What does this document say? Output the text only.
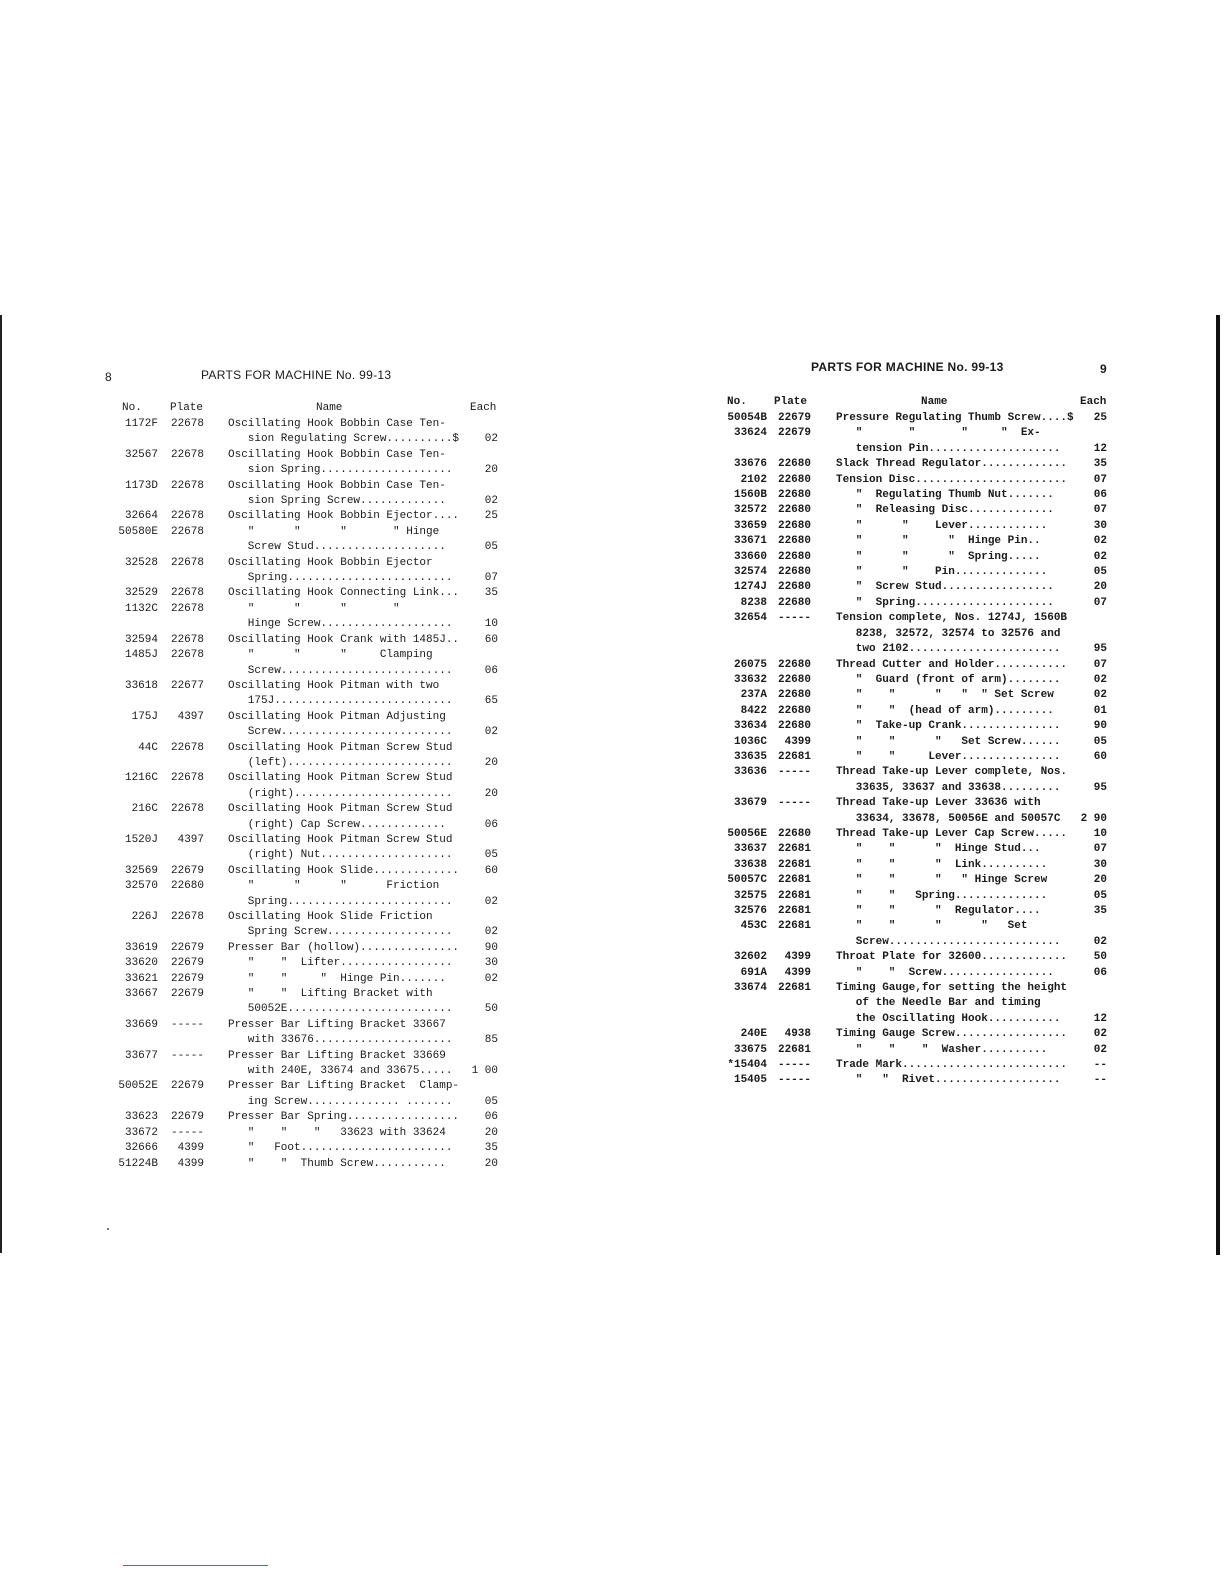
8	PARTS FOR MACHINE No. 99-13
No.	Plate	Name	Each
1172F	22678 Oscillating Hook Bobbin Case Ten-
sion Regulating Screw..........$	02
32567	22678 Oscillating Hook Bobbin Case Ten-
sion Spring....................	20
1173D	22678 Oscillating Hook Bobbin Case Ten-
sion Spring Screw.............	02
32664	22678 Oscillating Hook Bobbin Ejector....	25
50580E	22678	"      "      "       " Hinge
Screw Stud....................	05
32528	22678 Oscillating Hook Bobbin Ejector
Spring.........................	07
32529	22678 Oscillating Hook Connecting Link...	35
1132C	22678	"      "      "       "
Hinge Screw....................	10
32594	22678 Oscillating Hook Crank with 1485J..	60
1485J	22678	"      "      "     Clamping
Screw..........................	06
33618	22677 Oscillating Hook Pitman with two
175J...........................	65
175J	4397 Oscillating Hook Pitman Adjusting
Screw..........................	02
44C	22678 Oscillating Hook Pitman Screw Stud
(left).........................	20
1216C	22678 Oscillating Hook Pitman Screw Stud
(right)........................	20
216C	22678 Oscillating Hook Pitman Screw Stud
(right) Cap Screw.............	06
1520J	4397 Oscillating Hook Pitman Screw Stud
(right) Nut....................	05
32569	22679 Oscillating Hook Slide.............	60
32570	22680	"      "      "      Friction
Spring.........................	02
226J	22678 Oscillating Hook Slide Friction
Spring Screw...................	02
33619	22679 Presser Bar (hollow)...............	90
33620	22679 "    "  Lifter.................	30
33621	22679 "    "     "  Hinge Pin.......	02
33667	22679	"    "  Lifting Bracket with
50052E.........................	50
33669	----- Presser Bar Lifting Bracket 33667
with 33676.....................	85
33677	----- Presser Bar Lifting Bracket 33669
with 240E, 33674 and 33675.....	1 00
50052E	22679 Presser Bar Lifting Bracket  Clamp-
ing Screw.............. .......	05
33623	22679 Presser Bar Spring.................	06
33672	----- "    "    "   33623 with 33624	20
32666	4399 "   Foot.......................	35
51224B	4399 "    "  Thumb Screw...........	20
PARTS FOR MACHINE No. 99-13	9
No. Plate	Name	Each
50054B 22679 Pressure Regulating Thumb Screw....$	25
33624 22679	"       "       "     "  Ex-
tension Pin....................	12
33676 22680 Slack Thread Regulator.............	35
2102 22680 Tension Disc.......................	07
1560B 22680 "  Regulating Thumb Nut.......	06
32572 22680 "  Releasing Disc.............	07
33659 22680 "      "    Lever............	30
33671 22680 "      "      "  Hinge Pin..	02
33660 22680 "      "      "  Spring.....	02
32574 22680 "      "    Pin..............	05
1274J 22680 "  Screw Stud.................	20
8238 22680 "  Spring.....................	07
32654 ----- Tension complete, Nos. 1274J, 1560B
8238, 32572, 32574 to 32576 and
two 2102.......................	95
26075 22680 Thread Cutter and Holder...........	07
33632 22680 "  Guard (front of arm)........	02
237A 22680 "    "      "   "  " Set Screw	02
8422 22680 "    "  (head of arm).........	01
33634 22680 "  Take-up Crank...............	90
1036C	4399 "    "      "   Set Screw......	05
33635 22681 "    "     Lever...............	60
33636 ----- Thread Take-up Lever complete, Nos.
33635, 33637 and 33638.........	95
33679 ----- Thread Take-up Lever 33636 with
33634, 33678, 50056E and 50057C	2 90
50056E 22680 Thread Take-up Lever Cap Screw.....	10
33637 22681 "    "      "  Hinge Stud...	07
33638 22681 "    "      "  Link..........	30
50057C 22681 "    "      "   " Hinge Screw	20
32575 22681 "    "   Spring..............	05
32576 22681 "    "      "  Regulator....	35
453C 22681	"    "      "      "   Set
Screw..........................	02
32602	4399 Throat Plate for 32600.............	50
691A	4399 "    "  Screw.................	06
33674 22681 Timing Gauge,for setting the height
of the Needle Bar and timing
the Oscillating Hook...........	12
240E	4938 Timing Gauge Screw.................	02
33675 22681 "    "    "  Washer..........	02
*15404 ----- Trade Mark.........................	--
15405 ----- "   "  Rivet...................	--
